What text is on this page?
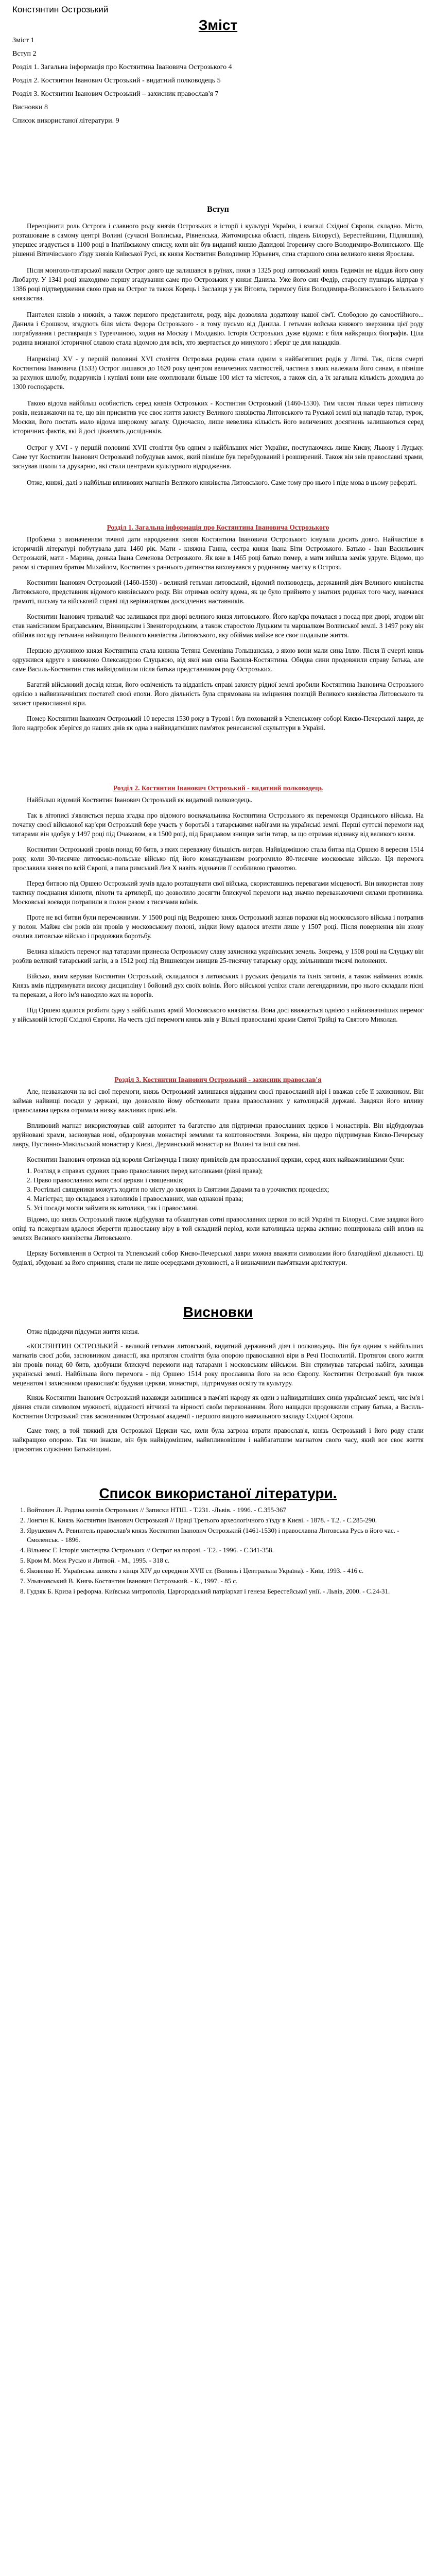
Констянтин Острозький
Зміст
Зміст 1
Вступ 2
Розділ 1. Загальна інформація про Костянтина Івановича Острозького 4
Розділ 2. Костянтин Іванович Острозький - видатний полководець 5
Розділ 3. Костянтин Іванович Острозький – захисник православ'я 7
Висновки 8
Список використаної літератури. 9
Вступ

Переоцінити роль Острога і славного роду князів Острозьких в історії і культурі України, і взагалі Східної Європи, складно. Місто, розташоване в самому центрі Волині (сучасні Волинська, Рівненська, Житомирська області, південь Білорусі), Берестейщини, Підляшшя), упершеє згадується в 1100 році в Іпатіївському списку, коли він був виданий князю Давидові Ігоревичу свого Володимиро-Волинського. Ще рішенні Вітичівського з'їзду князів Київської Русі, як князя Костянтин Володимир Юрьевич, сина старшого сина великого князя Ярослава.

Після монголо-татарської навали Острог довго ще залишався в руїнах, поки в 1325 році литовський князь Гедимін не віддав його сину Любарту. У 1341 році знаходимо першу згадування саме про Острозьких у князя Данила. Уже його син Федір, старосту пушкарь відправ у 1386 році підтвердження свою прав на Острог та також Корець і Заславця у уж Вітовта, перемогу біля Володимира-Волинського і Бельзького князівства.

Пантелен князів з нижніх, а також першого представителя, роду, віра дозволяла додаткову нашої сім'ї. Слободою до самостійного... Данила і Єрошком, згадують біля міста Федора Острозького - в тому пусьмо від Данила. І гетьман войська княжого зверхника цієї роду пограбування і реставрація з Туреччиною, ходив на Москву і Молдавію. Історія Острозьких дуже відома: є біля найкращих біографів. Ціла родина визнаної історичної славою стала відомою для всіх, хто звертається до минулого і зберіг це для нащадків.

Наприкінці XV - у першій половині XVI століття Острозька родина стала одним з найбагатших родів у Литві. Так, після смерті Костянтина Івановича (1533) Острог лишався до 1620 року центром величезних маєтностей, частина з яких належала його синам, а пізніше за рахунок шлюбу, подарунків і купівлі вони вже охоплювали більше 100 міст та містечок, а також сіл, а їх загальна кількість доходила до 1300 господарств.

Такою відома найбільш особистість серед князів Острозьких - Костянтин Острозький (1460-1530). Тим часом тільки через півтисячу років, незважаючи на те, що він присвятив усе своє життя захисту Великого князівства Литовського та Руської землі від нападів татар, турок, Москви, його постать мало відома широкому загалу. Одночасно, лише невелика кількість його величезних досягнень залишаються серед історичних фактів, які й досі цікавлять дослідників.

Острог у XVI - у першій половині XVII століття був одним з найбільших міст України, поступаючись лише Києву, Львову і Луцьку. Саме тут Костянтин Іванович Острозький побудував замок, який пізніше був перебудований і розширений. Також він звів православні храми, заснував школи та друкарню, які стали центрами культурного відродження.

Отже, княжі, далі з найбільш впливових магнатів Великого князівства Литовського. Саме тому про нього і піде мова в цьому рефераті.

Розділ 1. Загальна інформація про Костянтина Івановича Острозького

Проблема з визначенням точної дати народження князя Костянтина Івановича Острозького існувала досить довго. Найчастіше в історичній літературі побутувала дата 1460 рік. Мати - княжна Ганна, сестра князя Івана Біти Острозького. Батько - Іван Васильович Острозький, мати - Марина, донька Івана Семенова Острозького. Як вже в 1465 році батько помер, а мати вийшла заміж удруге. Відомо, що разом зі старшим братом Михайлом, Костянтин з раннього дитинства виховувався у родинному маєтку в Острозі.

Костянтин Іванович Острозький (1460-1530) - великий гетьман литовський, відомий полководець, державний діяч Великого князівства Литовського, представник відомого князівського роду. Він отримав освіту вдома, як це було прийнято у знатних родинах того часу, навчався грамоті, письму та військовій справі під керівництвом досвідчених наставників.

Костянтин Іванович тривалий час залишався при дворі великого князя литовського. Його кар'єра почалася з посад при дворі, згодом він став намісником Брацлавським, Вінницьким і Звенигородським, а також старостою Луцьким та маршалком Волинської землі. З 1497 року він обійняв посаду гетьмана найвищого Великого князівства Литовського, яку обіймав майже все своє подальше життя.

Першою дружиною князя Костянтина стала княжна Тетяна Семенівна Гольшанська, з якою вони мали сина Іллю. Після її смерті князь одружився вдруге з княжною Олександрою Слуцькою, від якої мав сина Василя-Костянтина. Обидва сини продовжили справу батька, але саме Василь-Костянтин став найвідомішим після батька представником роду Острозьких.

Багатий військовий досвід князя, його освіченість та відданість справі захисту рідної землі зробили Костянтина Івановича Острозького однією з найвизначніших постатей своєї епохи. Його діяльність була спрямована на зміцнення позицій Великого князівства Литовського та захист православної віри.

Помер Костянтин Іванович Острозький 10 вересня 1530 року в Турові і був похований в Успенському соборі Києво-Печерської лаври, де його надгробок зберігся до наших днів як одна з найвидатніших пам'яток ренесансної скульптури в Україні.

Розділ 2. Костянтин Іванович Острозький - видатний полководець

Найбільш відомий Костянтин Іванович Острозький як видатний полководець.

Так в літописі з'являється перша згадка про відомого воєначальника Костянтина Острозького як переможця Ординського війська. На початку своєї військової кар'єри Острозький бере участь у боротьбі з татарськими набігами на українські землі. Перші суттєві перемоги над татарами він здобув у 1497 році під Очаковом, а в 1500 році, під Брацлавом знищив загін татар, за що отримав відзнаку від великого князя.

Костянтин Острозький провів понад 60 битв, з яких переважну більшість виграв. Найвідомішою стала битва під Оршею 8 вересня 1514 року, коли 30-тисячне литовсько-польське військо під його командуванням розгромило 80-тисячне московське військо. Ця перемога прославила князя по всій Європі, а папа римський Лев X навіть відзначив її особливою грамотою.

Перед битвою під Оршею Острозький зумів вдало розташувати свої війська, скориставшись перевагами місцевості. Він використав нову тактику поєднання кінноти, піхоти та артилерії, що дозволило досягти блискучої перемоги над значно переважаючими силами противника. Московські воєводи потрапили в полон разом з тисячами воїнів.

Проте не всі битви були переможними. У 1500 році під Ведрошею князь Острозький зазнав поразки від московського війська і потрапив у полон. Майже сім років він провів у московському полоні, звідки йому вдалося втекти лише у 1507 році. Після повернення він знову очолив литовське військо і продовжив боротьбу.

Велика кількість перемог над татарами принесла Острозькому славу захисника українських земель. Зокрема, у 1508 році на Слуцьку він розбив великий татарський загін, а в 1512 році під Вишневцем знищив 25-тисячну татарську орду, звільнивши тисячі полонених.

Військо, яким керував Костянтин Острозький, складалося з литовських і руських феодалів та їхніх загонів, а також найманих вояків. Князь вмів підтримувати високу дисципліну і бойовий дух своїх воїнів. Його військові успіхи стали легендарними, про нього складали пісні та перекази, а його ім'я наводило жах на ворогів.

Під Оршею вдалося розбити одну з найбільших армій Московського князівства. Вона досі вважається однією з найвизначніших перемог у військовій історії Східної Європи. На честь цієї перемоги князь звів у Вільні православні храми Святої Трійці та Святого Миколая.

Розділ 3. Костянтин Іванович Острозький - захисник православ'я

Але, незважаючи на всі свої перемоги, князь Острозький залишався відданим своєї православній вірі і вважав себе її захисником. Він займав найвищі посади у державі, що дозволяло йому обстоювати права православних у католицькій державі. Завдяки його впливу православна церква отримала низку важливих привілеїв.

Впливовий магнат використовував свій авторитет та багатство для підтримки православних церков і монастирів. Він відбудовував зруйновані храми, засновував нові, обдаровував монастирі землями та коштовностями. Зокрема, він щедро підтримував Києво-Печерську лавру, Пустинно-Микільський монастир у Києві, Дерманський монастир на Волині та інші святині.

Костянтин Іванович отримав від короля Сигізмунда I низку привілеїв для православної церкви, серед яких найважливішими були:

1. Розгляд в справах судових право православних перед католиками (рівні права);
2. Право православних мати свої церкви і священиків;
3. Ростільні священики можуть ходити по місту до хворих із Святими Дарами та в урочистих процесіях;
4. Магістрат, що складався з католиків і православних, мав однакові права;
5. Усі посади могли займати як католики, так і православні.

Відомо, що князь Острозький також відбудував та облаштував сотні православних церков по всій Україні та Білорусі. Саме завдяки його опіці та пожертвам вдалося зберегти православну віру в той складний період, коли католицька церква активно поширювала свій вплив на землях Великого князівства Литовського.

Церкву Богоявлення в Острозі та Успенський собор Києво-Печерської лаври можна вважати символами його благодійної діяльності. Ці будівлі, збудовані за його сприяння, стали не лише осередками духовності, а й визначними пам'ятками архітектури.

Висновки

Отже підводячи підсумки життя князя.

«КОСТЯНТИН ОСТРОЗЬКИЙ - великий гетьман литовський, видатний державний діяч і полководець. Він був одним з найбільших магнатів своєї доби, засновником династії, яка протягом століття була опорою православної віри в Речі Посполитій. Протягом свого життя він провів понад 60 битв, здобувши блискучі перемоги над татарами і московським військом. Він стримував татарські набіги, захищав українські землі. Найбільша його перемога - під Оршею 1514 року прославила його на всю Європу. Костянтин Острозький був також меценатом і захисником православ'я: будував церкви, монастирі, підтримував освіту та культуру.

Князь Костянтин Іванович Острозький назавжди залишився в пам'яті народу як один з найвидатніших синів української землі, чиє ім'я і діяння стали символом мужності, відданості вітчизні та вірності своїм переконанням. Його нащадки продовжили справу батька, а Василь-Костянтин Острозький став засновником Острозької академії - першого вищого навчального закладу Східної Європи.

Саме тому, в той тяжкий для Острозької Церкви час, коли була загроза втрати православ'я, князь Острозький і його роду стали найкращою опорою. Так чи інакше, він був найвідомішим, найвпливовішим і найбагатшим магнатом свого часу, який все своє життя присвятив служінню Батьківщині.

Список використаної літератури.
1. Войтович Л. Родина князів Острозьких // Записки НТШ. - Т.231. -Львів. - 1996. - С.355-367
2. Лонгин К. Князь Костянтин Іванович Острозький // Праці Третього археологічного з'їзду в Києві. - 1878. - Т.2. - С.285-290.
3. Ярушевич А. Ревнитель православ'я князь Костянтин Іванович Острозький (1461-1530) і православна Литовська Русь в його час. - Смоленськ. - 1896.
4. Вільнюс Г. Історія мистецтва Острозьких // Острог на порозі. - Т.2. - 1996. - С.341-358.
5. Кром М. Меж Русью и Литвой. - М., 1995. - 318 с.
6. Яковенко Н. Українська шляхта з кінця XIV до середини XVII ст. (Волинь і Центральна Україна). - Київ, 1993. - 416 с.
7. Ульяновський В. Князь Костянтин Іванович Острозький. - К., 1997. - 85 с.
8. Гудзяк Б. Криза і реформа. Київська митрополія, Царгородський патріархат і генеза Берестейської унії. - Львів, 2000. - С.24-31.
